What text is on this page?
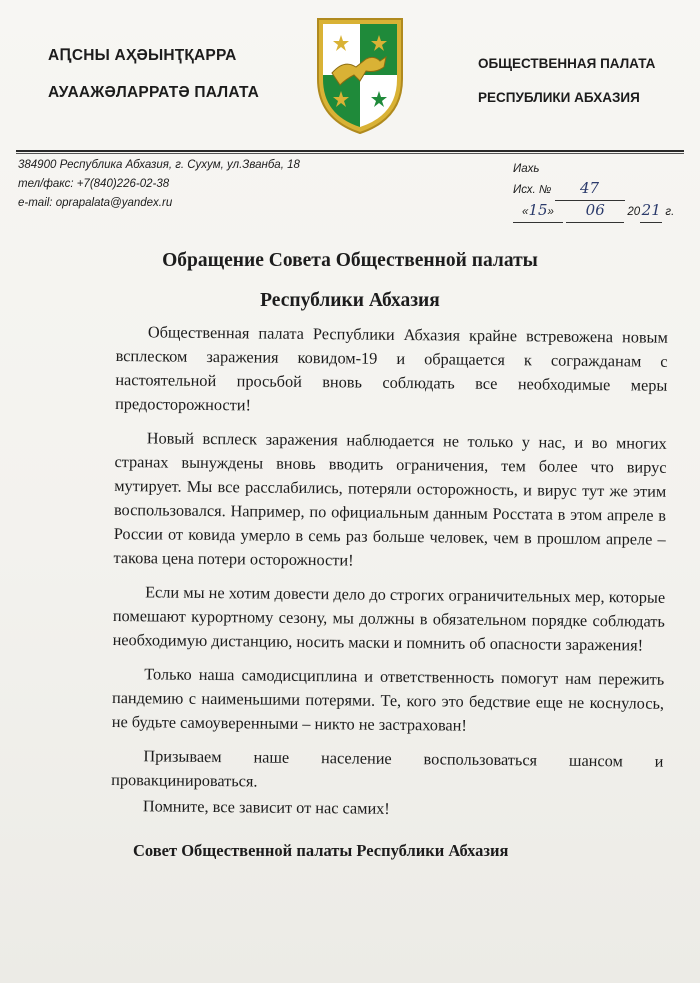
АԤСНЫ АҲӘЫНҬҚАРРА
АУААЖӘЛАРРАТӘ ПАЛАТА
ОБЩЕСТВЕННАЯ ПАЛАТА
РЕСПУБЛИКИ АБХАЗИЯ
384900 Республика Абхазия, г. Сухум, ул.Званба, 18
тел/факс: +7(840)226-02-38
e-mail: oprapalata@yandex.ru
Иахь
Исх. № 47
«15» 06 2021 г.
Обращение Совета Общественной палаты
Республики Абхазия

Общественная палата Республики Абхазия крайне встревожена новым всплеском заражения ковидом-19 и обращается к согражданам с настоятельной просьбой вновь соблюдать все необходимые меры предосторожности!

Новый всплеск заражения наблюдается не только у нас, и во многих странах вынуждены вновь вводить ограничения, тем более что вирус мутирует. Мы все расслабились, потеряли осторожность, и вирус тут же этим воспользовался. Например, по официальным данным Росстата в этом апреле в России от ковида умерло в семь раз больше человек, чем в прошлом апреле – такова цена потери осторожности!

Если мы не хотим довести дело до строгих ограничительных мер, которые помешают курортному сезону, мы должны в обязательном порядке соблюдать необходимую дистанцию, носить маски и помнить об опасности заражения!

Только наша самодисциплина и ответственность помогут нам пережить пандемию с наименьшими потерями. Те, кого это бедствие еще не коснулось, не будьте самоуверенными – никто не застрахован!

Призываем наше население воспользоваться шансом и провакцинироваться.

Помните, все зависит от нас самих!

Совет Общественной палаты Республики Абхазия
